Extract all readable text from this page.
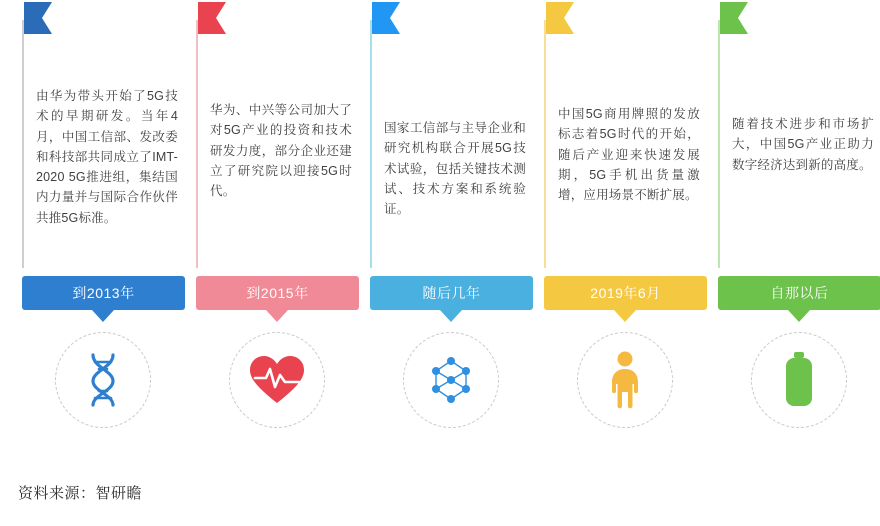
由华为带头开始了5G技术的早期研发。当年4月，中国工信部、发改委和科技部共同成立了IMT-2020 5G推进组，集结国内力量并与国际合作伙伴共推5G标准。
到2013年
华为、中兴等公司加大了对5G产业的投资和技术研发力度，部分企业还建立了研究院以迎接5G时代。
到2015年
国家工信部与主导企业和研究机构联合开展5G技术试验，包括关键技术测试、技术方案和系统验证。
随后几年
中国5G商用牌照的发放标志着5G时代的开始，随后产业迎来快速发展期，5G手机出货量激增，应用场景不断扩展。
2019年6月
随着技术进步和市场扩大，中国5G产业正助力数字经济达到新的高度。
自那以后
资料来源：智研瞻
